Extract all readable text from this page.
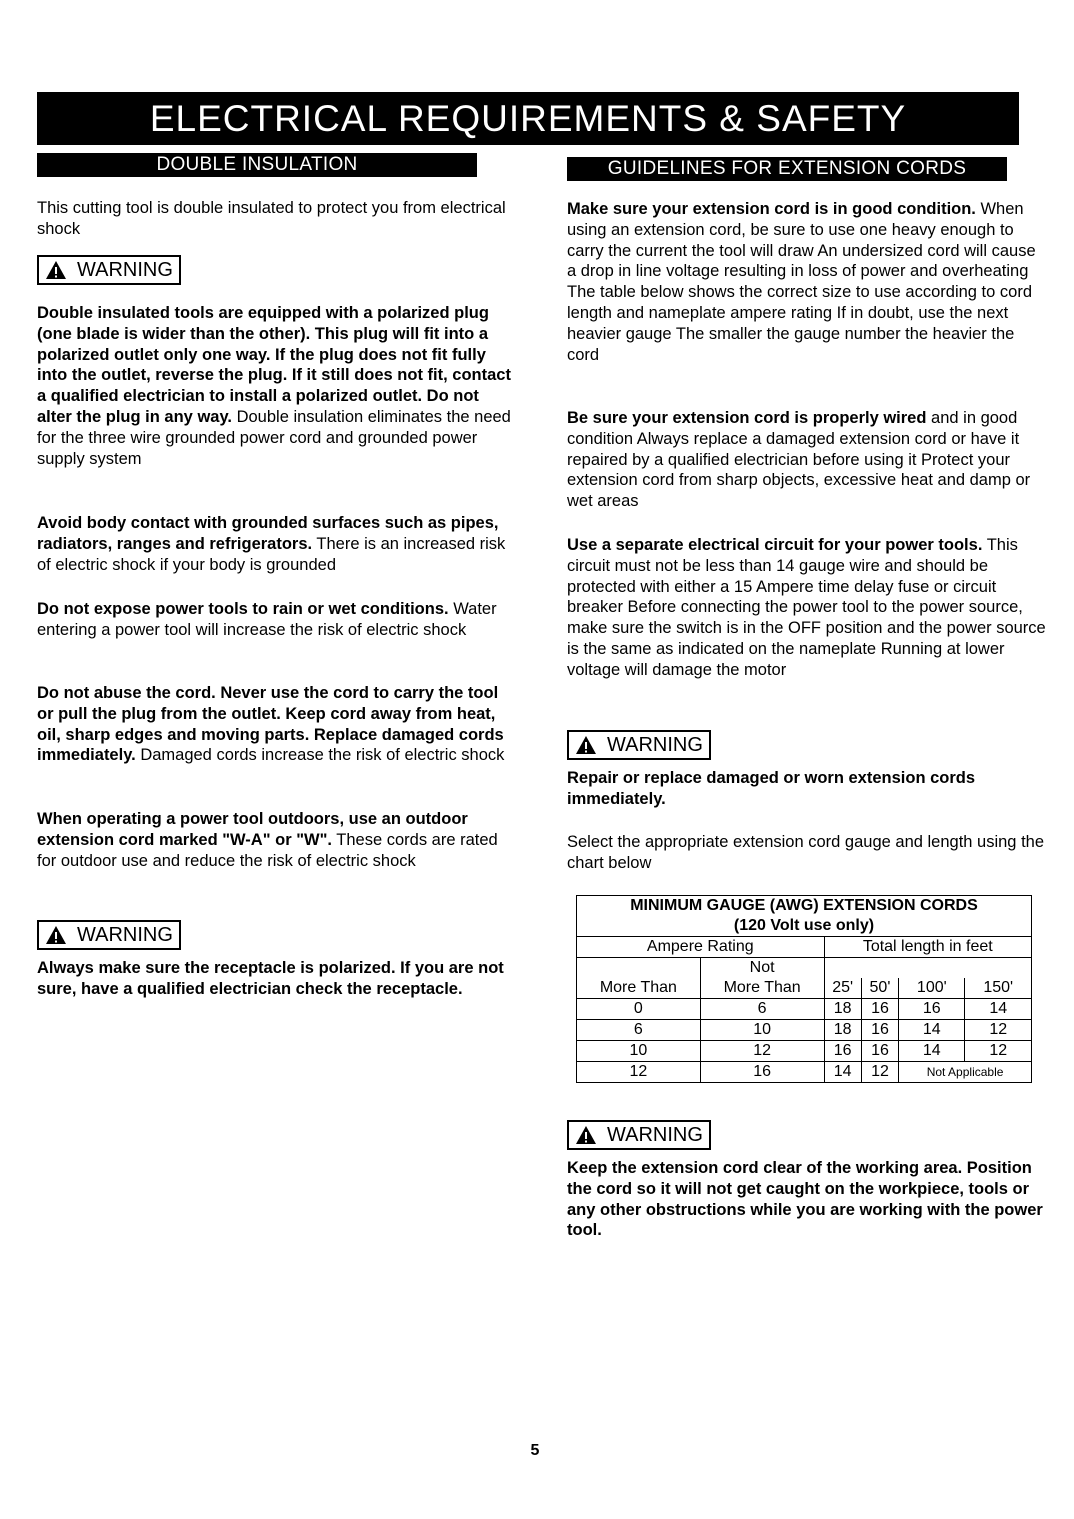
ELECTRICAL REQUIREMENTS & SAFETY
DOUBLE INSULATION

This cutting tool is double insulated to protect you from electrical shock

WARNING

Double insulated tools are equipped with a polarized plug (one blade is wider than the other). This plug will fit into a polarized outlet only one way. If the plug does not fit fully into the outlet, reverse the plug. If it still does not fit, contact a qualified electrician to install a polarized outlet. Do not alter the plug in any way. Double insulation eliminates the need for the three wire grounded power cord and grounded power supply system

Avoid body contact with grounded surfaces such as pipes, radiators, ranges and refrigerators. There is an increased risk of electric shock if your body is grounded

Do not expose power tools to rain or wet conditions. Water entering a power tool will increase the risk of electric shock

Do not abuse the cord. Never use the cord to carry the tool or pull the plug from the outlet. Keep cord away from heat, oil, sharp edges and moving parts. Replace damaged cords immediately. Damaged cords increase the risk of electric shock

When operating a power tool outdoors, use an outdoor extension cord marked "W-A" or "W". These cords are rated for outdoor use and reduce the risk of electric shock

WARNING

Always make sure the receptacle is polarized. If you are not sure, have a qualified electrician check the receptacle.

GUIDELINES FOR EXTENSION CORDS

Make sure your extension cord is in good condition. When using an extension cord, be sure to use one heavy enough to carry the current the tool will draw An undersized cord will cause a drop in line voltage resulting in loss of power and overheating The table below shows the correct size to use according to cord length and nameplate ampere rating If in doubt, use the next heavier gauge The smaller the gauge number the heavier the cord

Be sure your extension cord is properly wired and in good condition Always replace a damaged extension cord or have it repaired by a qualified electrician before using it Protect your extension cord from sharp objects, excessive heat and damp or wet areas

Use a separate electrical circuit for your power tools. This circuit must not be less than 14 gauge wire and should be protected with either a 15 Ampere time delay fuse or circuit breaker Before connecting the power tool to the power source, make sure the switch is in the OFF position and the power source is the same as indicated on the nameplate Running at lower voltage will damage the motor

WARNING

Repair or replace damaged or worn extension cords immediately.

Select the appropriate extension cord gauge and length using the chart below

MINIMUM GAUGE (AWG) EXTENSION CORDS					
(120 Volt use only)					
Ampere Rating		Total length in feet			
	Not				
More Than	More Than	25'	50'	100'	150'
0	6	18	16	16	14
6	10	18	16	14	12
10	12	16	16	14	12
12	16	14	12	Not Applicable	
WARNING

Keep the extension cord clear of the working area. Position the cord so it will not get caught on the workpiece, tools or any other obstructions while you are working with the power tool.

5
